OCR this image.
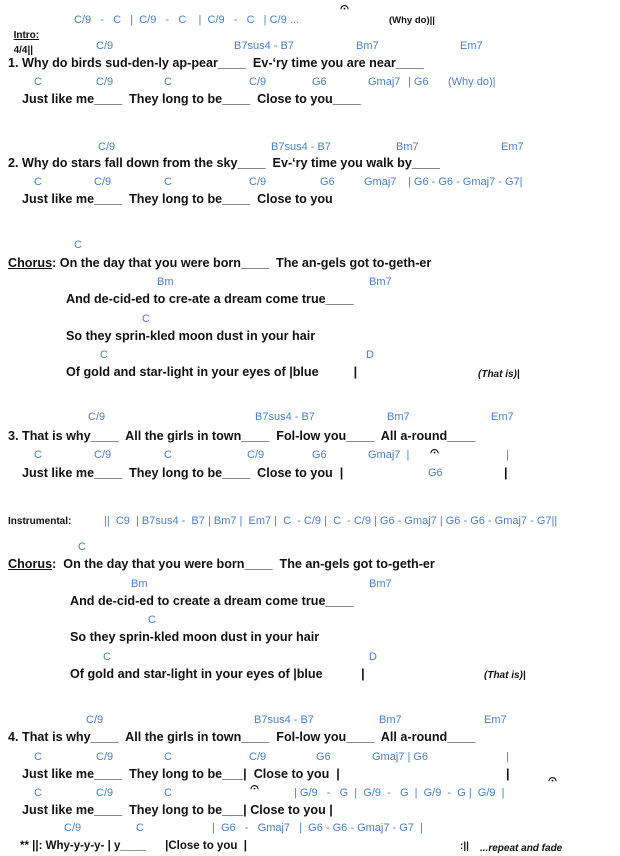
Intro:
4/4||

C/9   -   C   |  C/9   -   C    |  C/9   -   C   | C/9 ...	(Why do)||
C/9	B7sus4 - B7	Bm7	Em7
1. Why do birds sud-den-ly ap-pear____  Ev-‘ry time you are near____
C	C/9	C	C/9	G6	Gmaj7 | G6 (Why do)|
Just like me____  They long to be____  Close to you____
C/9	B7sus4 - B7	Bm7	Em7
2. Why do stars fall down from the sky____  Ev-‘ry time you walk by____
C	C/9	C	C/9	G6	Gmaj7 | G6 - G6 - Gmaj7 - G7|
Just like me____  They long to be____  Close to you
C
Chorus: On the day that you were born____  The an-gels got to-geth-er
Bm	Bm7
And de-cid-ed to cre-ate a dream come true____
C
So they sprin-kled moon dust in your hair
C	D
Of gold and star-light in your eyes of |blue          |	(That is)|
C/9	B7sus4 - B7	Bm7	Em7
3. That is why____  All the girls in town____  Fol-low you____  All a-round____
C	C/9	C	C/9	G6	Gmaj7  |	|
Just like me____  They long to be____  Close to you  |	G6	|
Instrumental:	||  C9  | B7sus4 -  B7 | Bm7 |  Em7 |  C  - C/9 |  C  - C/9 | G6 - Gmaj7 | G6 - G6 - Gmaj7 - G7||
C
Chorus:  On the day that you were born____  The an-gels got to-geth-er
Bm	Bm7
And de-cid-ed to create a dream come true____
C
So they sprin-kled moon dust in your hair
C	D
Of gold and star-light in your eyes of |blue           |	(That is)|
C/9	B7sus4 - B7	Bm7	Em7
4. That is why____  All the girls in town____  Fol-low you____  All a-round____
C	C/9	C	C/9	G6	Gmaj7 | G6	|
Just like me____  They long to be___|  Close to you  |	|
C	C/9	C	| G/9   -   G  |  G/9  -   G  |  G/9  -  G |  G/9  |
Just like me____  They long to be___| Close to you |
C/9	C	|  G6   -   Gmaj7   |  G6 - G6 - Gmaj7 - G7  |
** ||: Why-y-y-y- | y____      |Close to you  |	:|| ...repeat and fade
